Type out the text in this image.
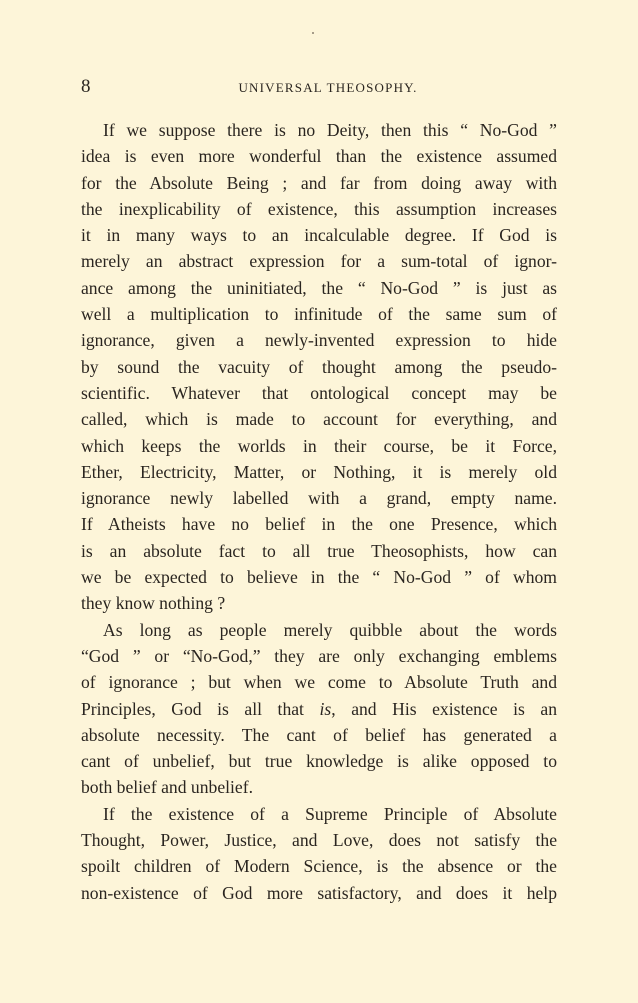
8	UNIVERSAL THEOSOPHY.

If we suppose there is no Deity, then this “ No-God ”
idea is even more wonderful than the existence assumed
for the Absolute Being ; and far from doing away with
the inexplicability of existence, this assumption increases
it in many ways to an incalculable degree. If God is
merely an abstract expression for a sum-total of ignor-
ance among the uninitiated, the “ No-God ” is just as
well a multiplication to infinitude of the same sum of
ignorance, given a newly-invented expression to hide
by sound the vacuity of thought among the pseudo-
scientific. Whatever that ontological concept may be
called, which is made to account for everything, and
which keeps the worlds in their course, be it Force,
Ether, Electricity, Matter, or Nothing, it is merely old
ignorance newly labelled with a grand, empty name.
If Atheists have no belief in the one Presence, which
is an absolute fact to all true Theosophists, how can
we be expected to believe in the “ No-God ” of whom
they know nothing ?

As long as people merely quibble about the words
“God ” or “No-God,” they are only exchanging emblems
of ignorance ; but when we come to Absolute Truth and
Principles, God is all that is, and His existence is an
absolute necessity. The cant of belief has generated a
cant of unbelief, but true knowledge is alike opposed to
both belief and unbelief.

If the existence of a Supreme Principle of Absolute
Thought, Power, Justice, and Love, does not satisfy the
spoilt children of Modern Science, is the absence or the
non-existence of God more satisfactory, and does it help
